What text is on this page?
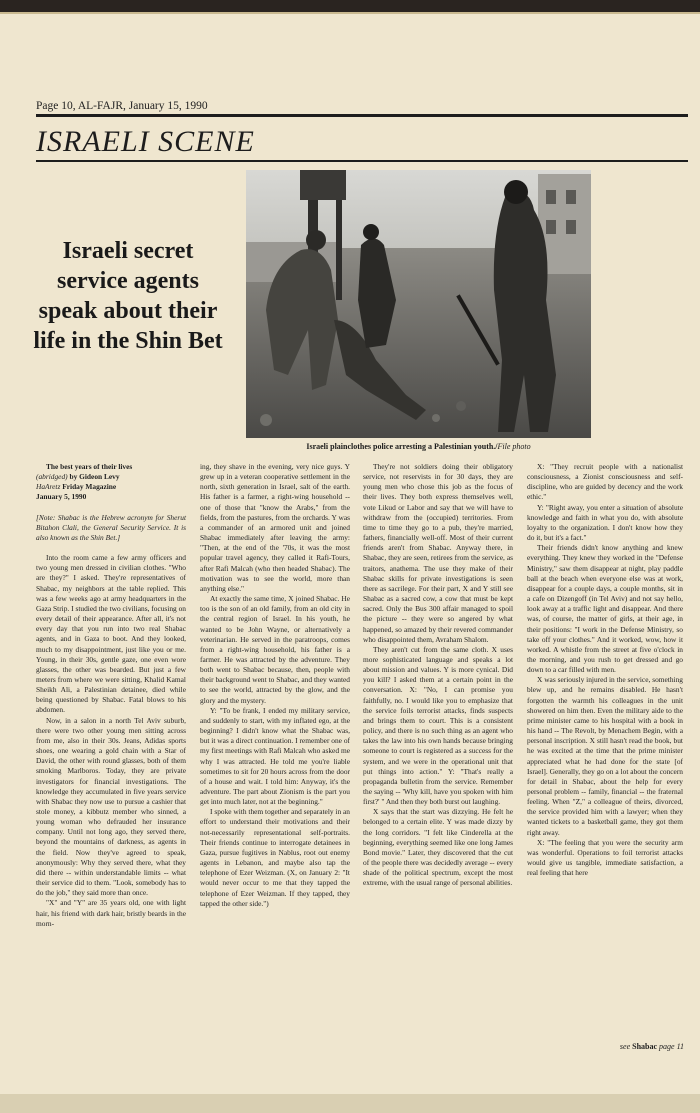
Page 10, AL-FAJR, January 15, 1990
ISRAELI SCENE
Israeli secret service agents speak about their life in the Shin Bet
Israeli plainclothes police arresting a Palestinian youth./File photo

The best years of their lives
(abridged) by Gideon Levy
HaAretz Friday Magazine
January 5, 1990

[Note: Shabac is the Hebrew acronym for Sherut Bitahon Clali, the General Security Service. It is also known as the Shin Bet.]

Into the room came a few army officers and two young men dressed in civilian clothes. "Who are they?" I asked. They're representatives of Shabac, my neighbors at the table replied. This was a few weeks ago at army headquarters in the Gaza Strip. I studied the two civilians, focusing on every detail of their appearance. After all, it's not every day that you run into two real Shabac agents, and in Gaza to boot. And they looked, much to my disappointment, just like you or me. Young, in their 30s, gentle gaze, one even wore glasses, the other was bearded. But just a few meters from where we were sitting, Khalid Kamal Sheikh Ali, a Palestinian detainee, died while being questioned by Shabac. Fatal blows to his abdomen.

Now, in a salon in a north Tel Aviv suburb, there were two other young men sitting across from me, also in their 30s. Jeans, Adidas sports shoes, one wearing a gold chain with a Star of David, the other with round glasses, both of them smoking Marlboros. Today, they are private investigators for financial investigations. The knowledge they accumulated in five years service with Shabac they now use to pursue a cashier that stole money, a kibbutz member who sinned, a young woman who defrauded her insurance company. Until not long ago, they served there, beyond the mountains of darkness, as agents in the field. Now they've agreed to speak, anonymously: Why they served there, what they did there -- within understandable limits -- what their service did to them. "Look, somebody has to do the job," they said more than once.

"X" and "Y" are 35 years old, one with light hair, his friend with dark hair, bristly beards in the morn-

ing, they shave in the evening, very nice guys. Y grew up in a veteran cooperative settlement in the north, sixth generation in Israel, salt of the earth. His father is a farmer, a right-wing household -- one of those that "know the Arabs," from the fields, from the pastures, from the orchards. Y was a commander of an armored unit and joined Shabac immediately after leaving the army: "Then, at the end of the '70s, it was the most popular travel agency, they called it Rafi-Tours, after Rafi Malcah (who then headed Shabac). The motivation was to see the world, more than anything else."

At exactly the same time, X joined Shabac. He too is the son of an old family, from an old city in the central region of Israel. In his youth, he wanted to be John Wayne, or alternatively a veterinarian. He served in the paratroops, comes from a right-wing household, his father is a farmer. He was attracted by the adventure. They both went to Shabac because, then, people with their background went to Shabac, and they wanted to see the world, attracted by the glow, and the glory and the mystery.

Y: "To be frank, I ended my military service, and suddenly to start, with my inflated ego, at the beginning? I didn't know what the Shabac was, but it was a direct continuation. I remember one of my first meetings with Rafi Malcah who asked me why I was attracted. He told me you're liable sometimes to sit for 20 hours across from the door of a house and wait. I told him: Anyway, it's the adventure. The part about Zionism is the part you get into much later, not at the beginning."

I spoke with them together and separately in an effort to understand their motivations and their not-necessarily representational self-portraits. Their friends continue to interrogate detainees in Gaza, pursue fugitives in Nablus, root out enemy agents in Lebanon, and maybe also tap the telephone of Ezer Weizman. (X, on January 2: "It would never occur to me that they tapped the telephone of Ezer Weizman. If they tapped, they tapped the other side.")

They're not soldiers doing their obligatory service, not reservists in for 30 days, they are young men who chose this job as the focus of their lives. They both express themselves well, vote Likud or Labor and say that we will have to withdraw from the (occupied) territories. From time to time they go to a pub, they're married, fathers, financially well-off. Most of their current friends aren't from Shabac. Anyway there, in Shabac, they are seen, retirees from the service, as traitors, anathema. The use they make of their Shabac skills for private investigations is seen there as sacrilege. For their part, X and Y still see Shabac as a sacred cow, a cow that must be kept sacred. Only the Bus 300 affair managed to spoil the picture -- they were so angered by what happened, so amazed by their revered commander who disappointed them, Avraham Shalom.

They aren't cut from the same cloth. X uses more sophisticated language and speaks a lot about mission and values. Y is more cynical. Did you kill? I asked them at a certain point in the conversation. X: "No, I can promise you faithfully, no. I would like you to emphasize that the service foils terrorist attacks, finds suspects and brings them to court. This is a consistent policy, and there is no such thing as an agent who takes the law into his own hands because bringing someone to court is registered as a success for the system, and we were in the operational unit that put things into action." Y: "That's really a propaganda bulletin from the service. Remember the saying -- 'Why kill, have you spoken with him first?' " And then they both burst out laughing.

X says that the start was dizzying. He felt he belonged to a certain elite. Y was made dizzy by the long corridors. "I felt like Cinderella at the beginning, everything seemed like one long James Bond movie." Later, they discovered that the cut of the people there was decidedly average -- every shade of the political spectrum, except the most extreme, with the usual range of personal abilities.

X: "They recruit people with a nationalist consciousness, a Zionist consciousness and self-discipline, who are guided by decency and the work ethic."

Y: "Right away, you enter a situation of absolute knowledge and faith in what you do, with absolute loyalty to the organization. I don't know how they do it, but it's a fact."

Their friends didn't know anything and knew everything. They knew they worked in the "Defense Ministry," saw them disappear at night, play paddle ball at the beach when everyone else was at work, disappear for a couple days, a couple months, sit in a cafe on Dizengoff (in Tel Aviv) and not say hello, look away at a traffic light and disappear. And there was, of course, the matter of girls, at their age, in their positions: "I work in the Defense Ministry, so take off your clothes." And it worked, wow, how it worked. A whistle from the street at five o'clock in the morning, and you rush to get dressed and go down to a car filled with men.

X was seriously injured in the service, something blew up, and he remains disabled. He hasn't forgotten the warmth his colleagues in the unit showered on him then. Even the military aide to the prime minister came to his hospital with a book in his hand -- The Revolt, by Menachem Begin, with a personal inscription. X still hasn't read the book, but he was excited at the time that the prime minister appreciated what he had done for the state [of Israel]. Generally, they go on a lot about the concern for detail in Shabac, about the help for every personal problem -- family, financial -- the fraternal feeling. When "Z," a colleague of theirs, divorced, the service provided him with a lawyer; when they wanted tickets to a basketball game, they got them right away.

X: "The feeling that you were the security arm was wonderful. Operations to foil terrorist attacks would give us tangible, immediate satisfaction, a real feeling that here

see Shabac page 11
